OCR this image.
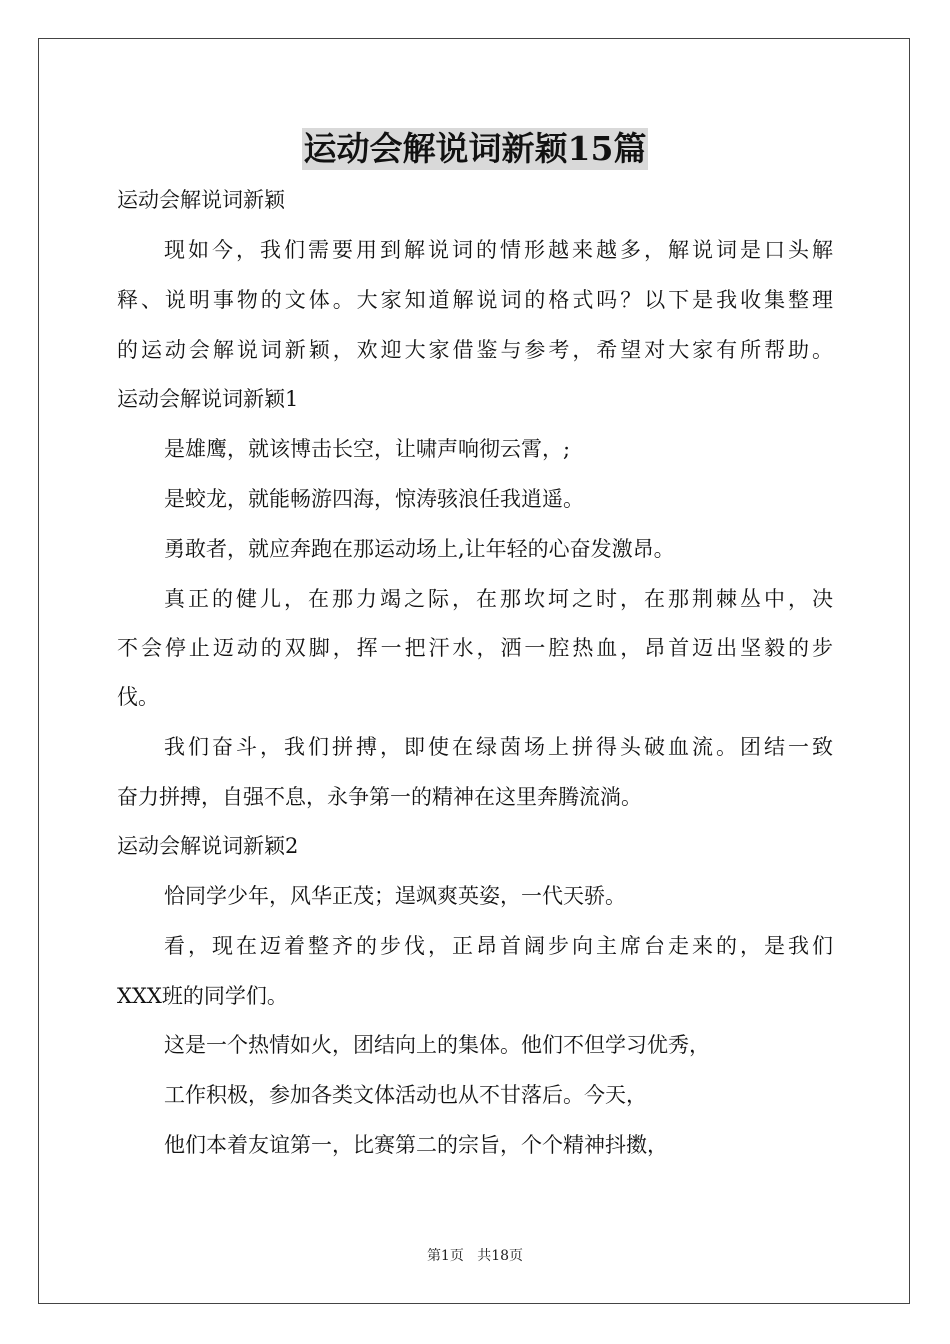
运动会解说词新颖15篇
运动会解说词新颖
现如今，我们需要用到解说词的情形越来越多，解说词是口头解
释、说明事物的文体。大家知道解说词的格式吗？以下是我收集整理
的运动会解说词新颖，欢迎大家借鉴与参考，希望对大家有所帮助。
运动会解说词新颖1
是雄鹰，就该博击长空，让啸声响彻云霄，;
是蛟龙，就能畅游四海，惊涛骇浪任我逍遥。
勇敢者，就应奔跑在那运动场上,让年轻的心奋发激昂。
真正的健儿，在那力竭之际，在那坎坷之时，在那荆棘丛中，决
不会停止迈动的双脚，挥一把汗水，洒一腔热血，昂首迈出坚毅的步
伐。
我们奋斗，我们拼搏，即使在绿茵场上拼得头破血流。团结一致
奋力拼搏，自强不息，永争第一的精神在这里奔腾流淌。
运动会解说词新颖2
恰同学少年，风华正茂；逞飒爽英姿，一代天骄。
看，现在迈着整齐的步伐，正昂首阔步向主席台走来的，是我们
XXX班的同学们。
这是一个热情如火，团结向上的集体。他们不但学习优秀，
工作积极，参加各类文体活动也从不甘落后。今天，
他们本着友谊第一，比赛第二的宗旨，个个精神抖擞，
第1页 共18页
